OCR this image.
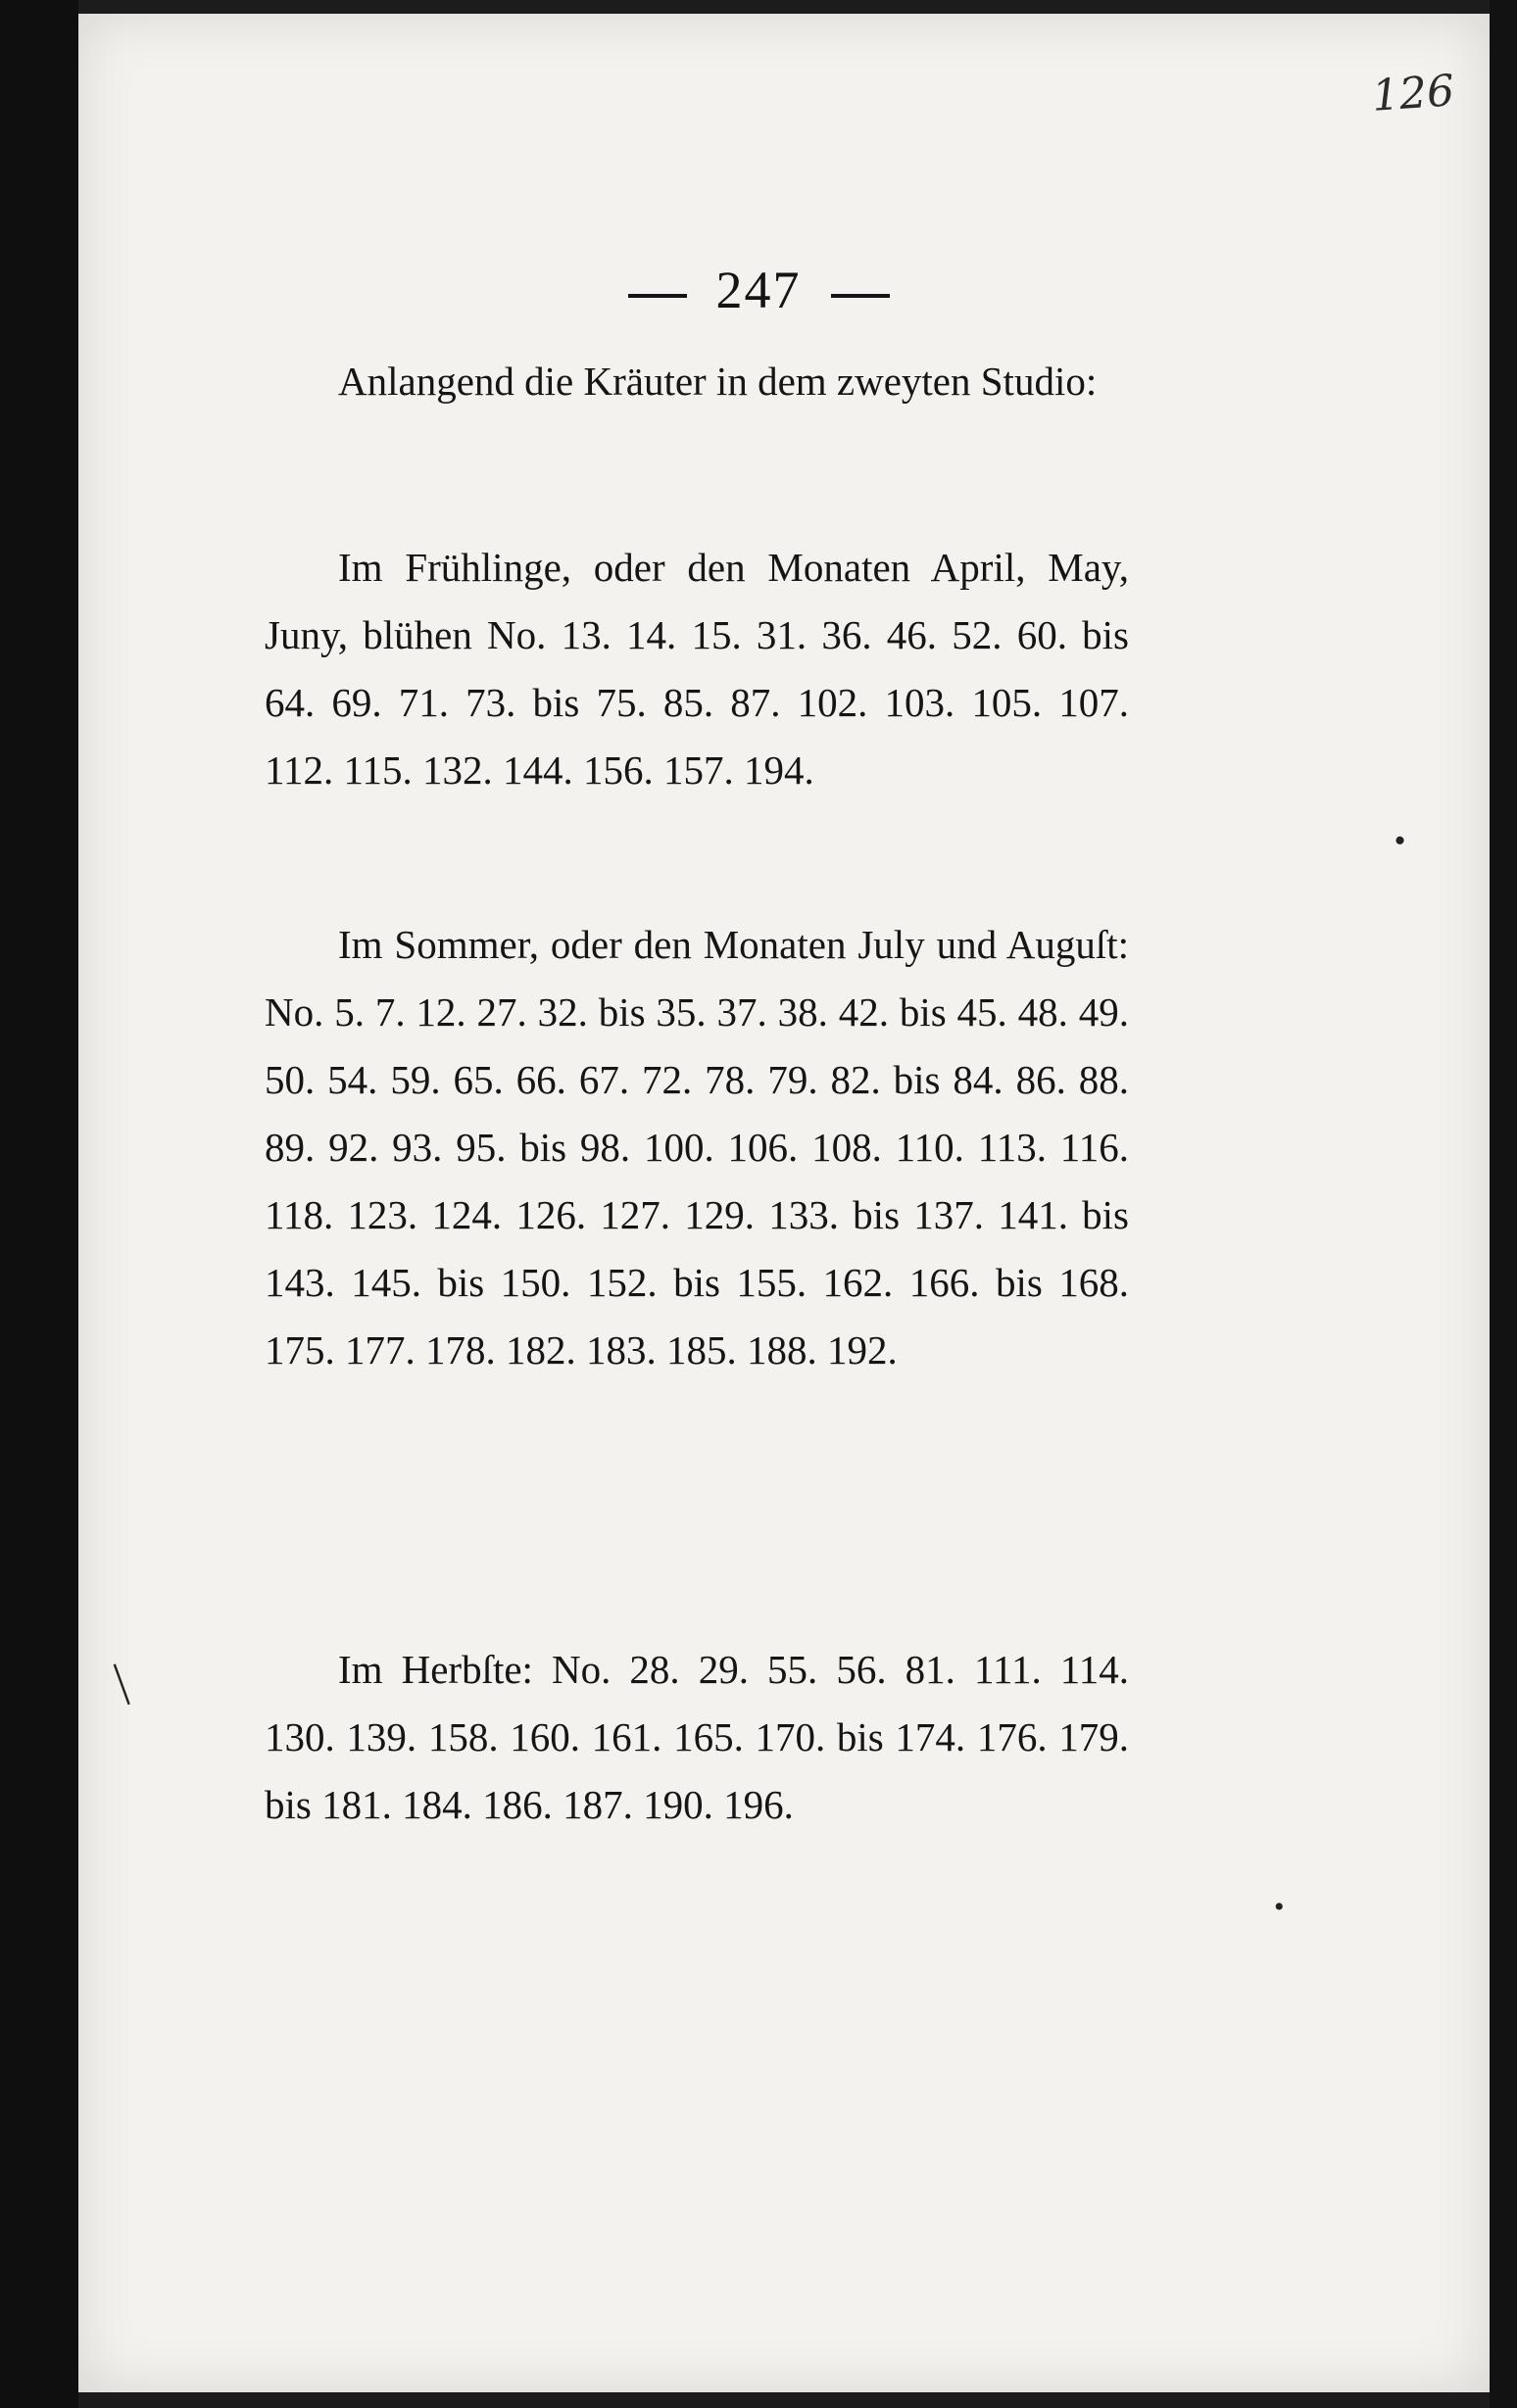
126
247

Anlangend die Kräuter in dem zweyten Studio:

Im Frühlinge, oder den Monaten April, May, Juny, blühen No. 13. 14. 15. 31. 36. 46. 52. 60. bis 64. 69. 71. 73. bis 75. 85. 87. 102. 103. 105. 107. 112. 115. 132. 144. 156. 157. 194.

Im Sommer, oder den Monaten July und Auguſt: No. 5. 7. 12. 27. 32. bis 35. 37. 38. 42. bis 45. 48. 49. 50. 54. 59. 65. 66. 67. 72. 78. 79. 82. bis 84. 86. 88. 89. 92. 93. 95. bis 98. 100. 106. 108. 110. 113. 116. 118. 123. 124. 126. 127. 129. 133. bis 137. 141. bis 143. 145. bis 150. 152. bis 155. 162. 166. bis 168. 175. 177. 178. 182. 183. 185. 188. 192.

Im Herbſte: No. 28. 29. 55. 56. 81. 111. 114. 130. 139. 158. 160. 161. 165. 170. bis 174. 176. 179. bis 181. 184. 186. 187. 190. 196.

•
|
•
